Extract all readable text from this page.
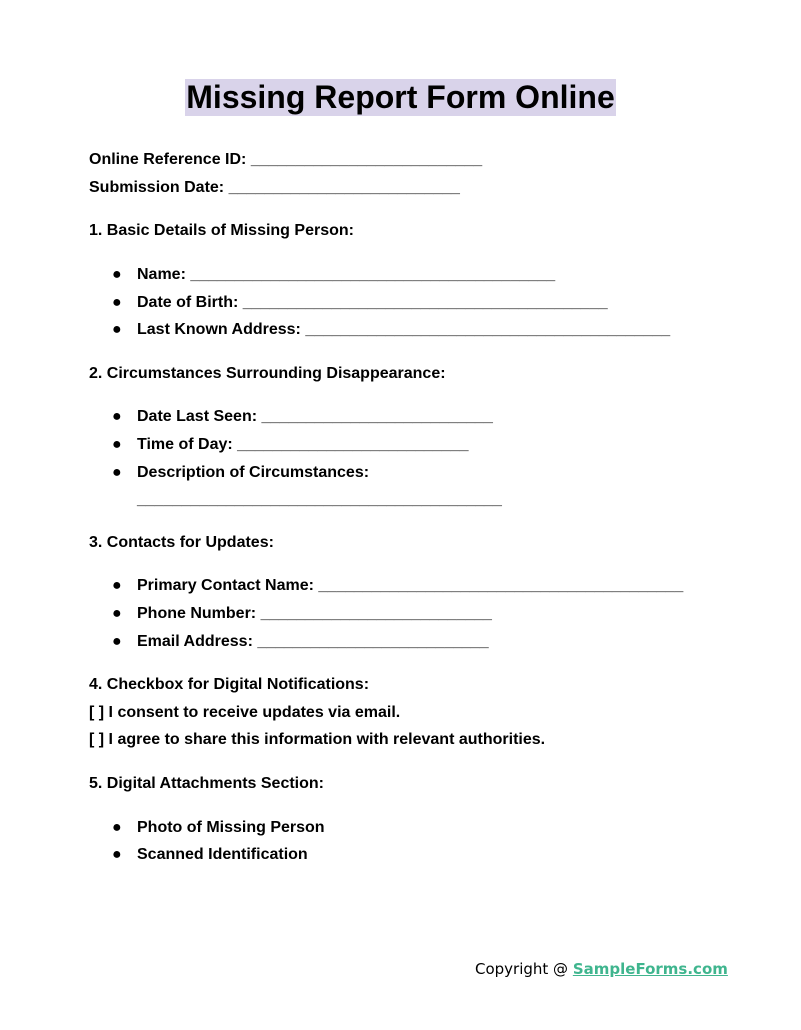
Missing Report Form Online
Online Reference ID: __________________________
Submission Date: __________________________
1. Basic Details of Missing Person:
● Name: _________________________________________
● Date of Birth: _________________________________________
● Last Known Address: _________________________________________
2. Circumstances Surrounding Disappearance:
● Date Last Seen: __________________________
● Time of Day: __________________________
● Description of Circumstances:
_________________________________________
3. Contacts for Updates:
● Primary Contact Name: _________________________________________
● Phone Number: __________________________
● Email Address: __________________________
4. Checkbox for Digital Notifications:
[ ] I consent to receive updates via email.
[ ] I agree to share this information with relevant authorities.
5. Digital Attachments Section:
● Photo of Missing Person
● Scanned Identification
Copyright @ SampleForms.com
